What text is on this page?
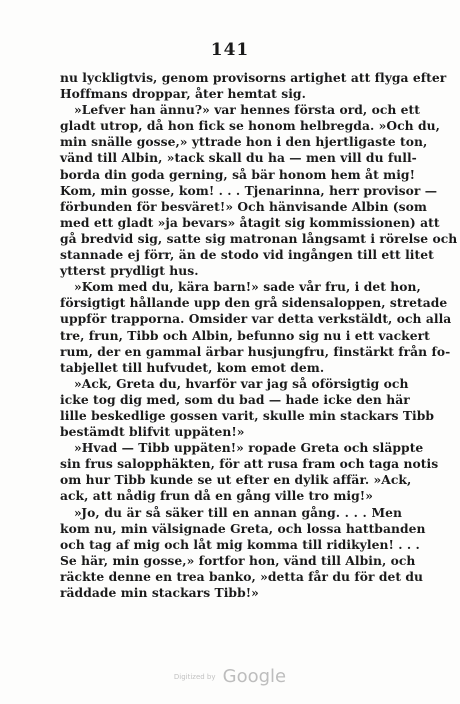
141
nu lyckligtvis, genom provisorns artighet att flyga efter
Hoffmans droppar, åter hemtat sig.
»Lefver han ännu?» var hennes första ord, och ett
gladt utrop, då hon fick se honom helbregda. »Och du,
min snälle gosse,» yttrade hon i den hjertligaste ton,
vänd till Albin, »tack skall du ha — men vill du full-
borda din goda gerning, så bär honom hem åt mig!
Kom, min gosse, kom! . . . Tjenarinna, herr provisor —
förbunden för besväret!» Och hänvisande Albin (som
med ett gladt »ja bevars» åtagit sig kommissionen) att
gå bredvid sig, satte sig matronan långsamt i rörelse och
stannade ej förr, än de stodo vid ingången till ett litet
ytterst prydligt hus.
»Kom med du, kära barn!» sade vår fru, i det hon,
försigtigt hållande upp den grå sidensaloppen, stretade
uppför trapporna. Omsider var detta verkstäldt, och alla
tre, frun, Tibb och Albin, befunno sig nu i ett vackert
rum, der en gammal ärbar husjungfru, finstärkt från fo-
tabjellet till hufvudet, kom emot dem.
»Ack, Greta du, hvarför var jag så oförsigtig och
icke tog dig med, som du bad — hade icke den här
lille beskedlige gossen varit, skulle min stackars Tibb
bestämdt blifvit uppäten!»
»Hvad — Tibb uppäten!» ropade Greta och släppte
sin frus salopphäkten, för att rusa fram och taga notis
om hur Tibb kunde se ut efter en dylik affär. »Ack,
ack, att nådig frun då en gång ville tro mig!»
»Jo, du är så säker till en annan gång. . . . Men
kom nu, min välsignade Greta, och lossa hattbanden
och tag af mig och låt mig komma till ridikylen! . . .
Se här, min gosse,» fortfor hon, vänd till Albin, och
räckte denne en trea banko, »detta får du för det du
räddade min stackars Tibb!»
Digitized by Google
